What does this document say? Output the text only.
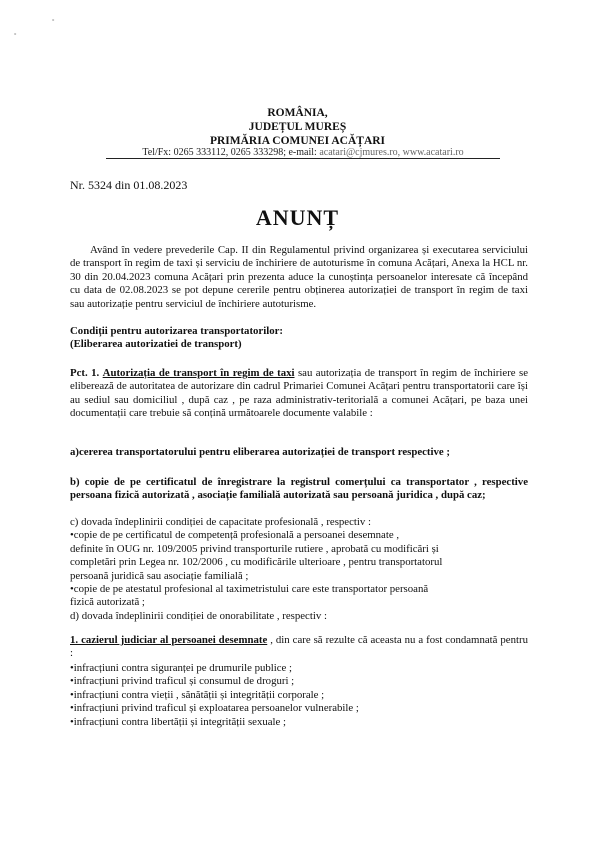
°
°
ROMÂNIA,
JUDEȚUL MUREȘ
PRIMĂRIA COMUNEI ACĂȚARI
Tel/Fx: 0265 333112, 0265 333298; e-mail: acatari@cjmures.ro, www.acatari.ro
Nr. 5324 din 01.08.2023
ANUNȚ

Având în vedere prevederile Cap. II din Regulamentul privind organizarea și executarea serviciului de transport în regim de taxi și serviciu de închiriere de autoturisme în comuna Acățari, Anexa la HCL nr. 30 din 20.04.2023 comuna Acățari prin prezenta aduce la cunoștința persoanelor interesate că începând cu data de 02.08.2023 se pot depune cererile pentru obținerea autorizației de transport în regim de taxi sau autorizație pentru serviciul de închiriere autoturisme.

Condiții pentru autorizarea transportatorilor:

(Eliberarea autorizatiei de transport)

Pct. 1. Autorizația de transport în regim de taxi sau autorizația de transport în regim de închiriere se eliberează de autoritatea de autorizare din cadrul Primariei Comunei Acățari pentru transportatorii care își au sediul sau domiciliul , după caz , pe raza administrativ-teritorială a comunei Acățari, pe baza unei documentații care trebuie să conțină următoarele documente valabile :

a)cererea transportatorului pentru eliberarea autorizației de transport respective ;

b) copie de pe certificatul de înregistrare la registrul comerțului ca transportator , respective persoana fizică autorizată , asociație familială autorizată sau persoană juridica , după caz;

c) dovada îndeplinirii condiției de capacitate profesională , respectiv :

•copie de pe certificatul de competență profesională a persoanei desemnate ,

definite în OUG nr. 109/2005 privind transporturile rutiere , aprobată cu modificări și

completări prin Legea nr. 102/2006 , cu modificările ulterioare , pentru transportatorul

persoană juridică sau asociație familială ;

•copie de pe atestatul profesional al taximetristului care este transportator persoană

fizică autorizată ;

d) dovada îndeplinirii condiției de onorabilitate , respectiv :

1. cazierul judiciar al persoanei desemnate , din care să rezulte că aceasta nu a fost condamnată pentru :

•infracțiuni contra siguranței pe drumurile publice ;

•infracțiuni privind traficul și consumul de droguri ;

•infracțiuni contra vieții , sănătății și integrității corporale ;

•infracțiuni privind traficul și exploatarea persoanelor vulnerabile ;

•infracțiuni contra libertății și integrității sexuale ;
